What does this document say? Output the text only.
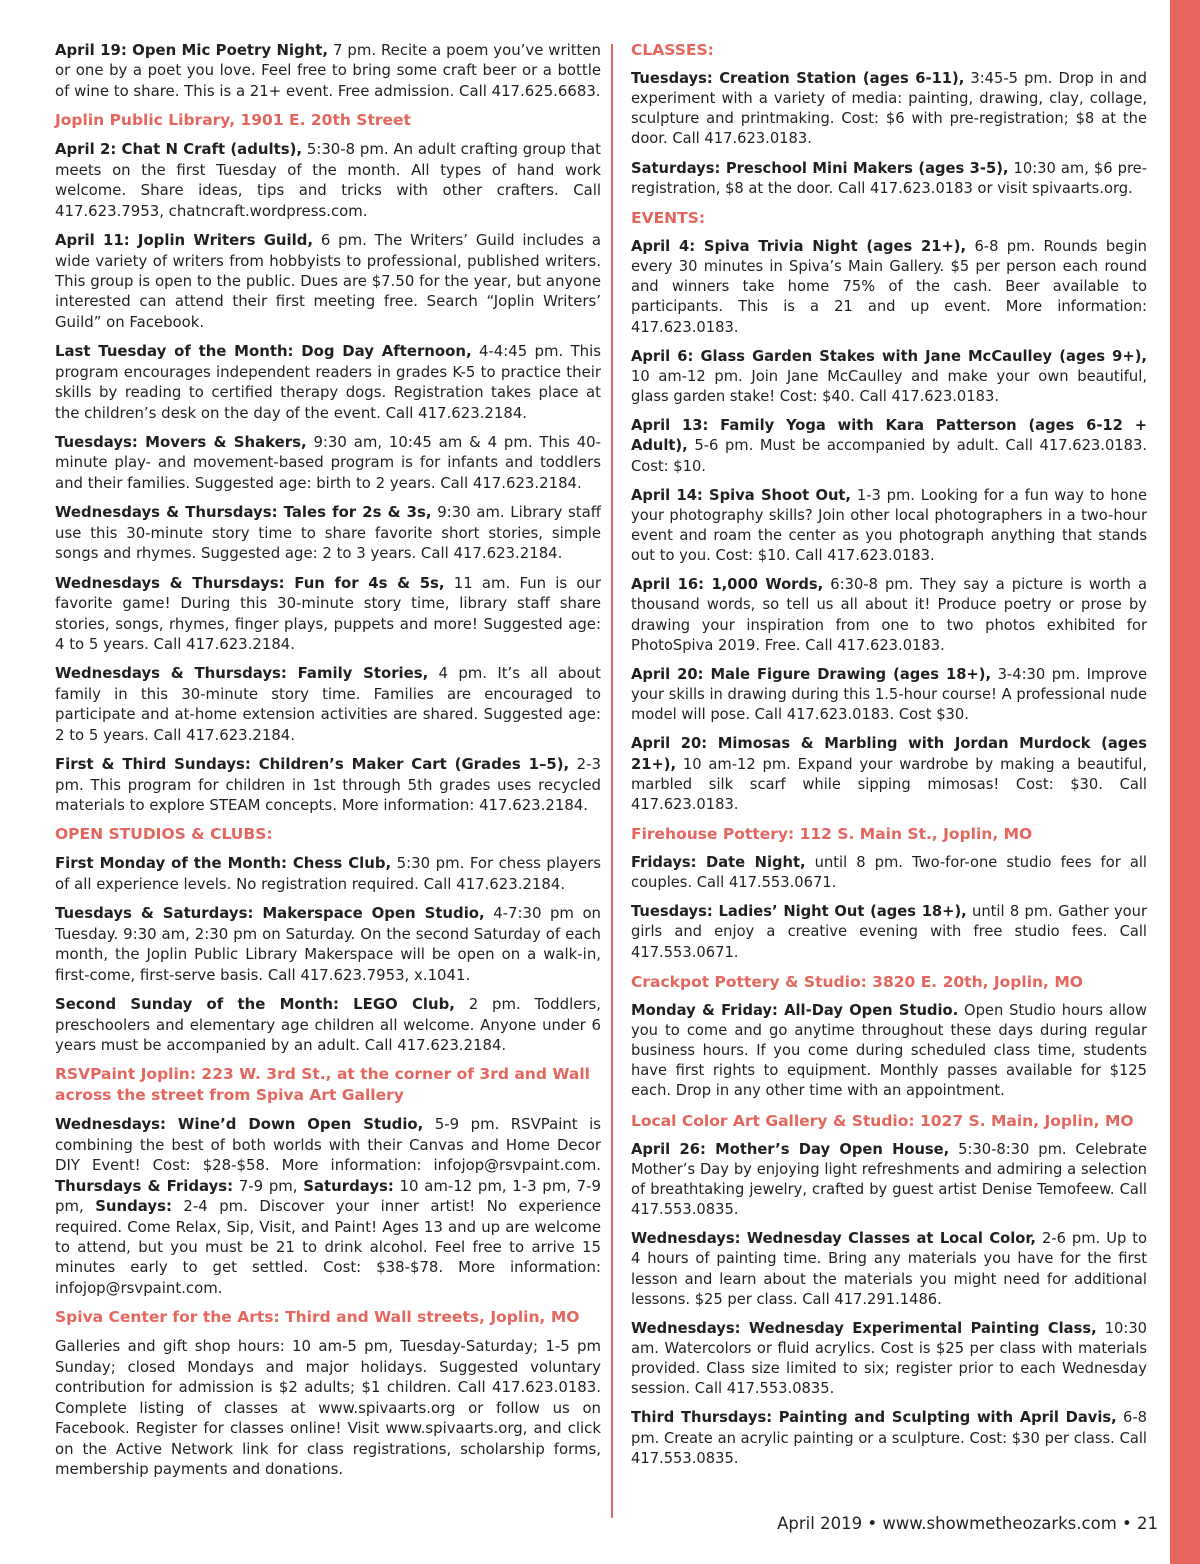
April 19: Open Mic Poetry Night, 7 pm. Recite a poem you’ve written or one by a poet you love. Feel free to bring some craft beer or a bottle of wine to share. This is a 21+ event. Free admission. Call 417.625.6683.
Joplin Public Library, 1901 E. 20th Street
April 2: Chat N Craft (adults), 5:30-8 pm. An adult crafting group that meets on the first Tuesday of the month. All types of hand work welcome. Share ideas, tips and tricks with other crafters. Call 417.623.7953, chatncraft.wordpress.com.
April 11: Joplin Writers Guild, 6 pm. The Writers’ Guild includes a wide variety of writers from hobbyists to professional, published writers. This group is open to the public. Dues are $7.50 for the year, but anyone interested can attend their first meeting free. Search “Joplin Writers’ Guild” on Facebook.
Last Tuesday of the Month: Dog Day Afternoon, 4-4:45 pm. This program encourages independent readers in grades K-5 to practice their skills by reading to certified therapy dogs. Registration takes place at the children’s desk on the day of the event. Call 417.623.2184.
Tuesdays: Movers & Shakers, 9:30 am, 10:45 am & 4 pm. This 40-minute play- and movement-based program is for infants and toddlers and their families. Suggested age: birth to 2 years. Call 417.623.2184.
Wednesdays & Thursdays: Tales for 2s & 3s, 9:30 am. Library staff use this 30-minute story time to share favorite short stories, simple songs and rhymes. Suggested age: 2 to 3 years. Call 417.623.2184.
Wednesdays & Thursdays: Fun for 4s & 5s, 11 am. Fun is our favorite game! During this 30-minute story time, library staff share stories, songs, rhymes, finger plays, puppets and more! Suggested age: 4 to 5 years. Call 417.623.2184.
Wednesdays & Thursdays: Family Stories, 4 pm. It’s all about family in this 30-minute story time. Families are encouraged to participate and at-home extension activities are shared. Suggested age: 2 to 5 years. Call 417.623.2184.
First & Third Sundays: Children’s Maker Cart (Grades 1–5), 2-3 pm. This program for children in 1st through 5th grades uses recycled materials to explore STEAM concepts. More information: 417.623.2184.
OPEN STUDIOS & CLUBS:
First Monday of the Month: Chess Club, 5:30 pm. For chess players of all experience levels. No registration required. Call 417.623.2184.
Tuesdays & Saturdays: Makerspace Open Studio, 4-7:30 pm on Tuesday. 9:30 am, 2:30 pm on Saturday. On the second Saturday of each month, the Joplin Public Library Makerspace will be open on a walk-in, first-come, first-serve basis. Call 417.623.7953, x.1041.
Second Sunday of the Month: LEGO Club, 2 pm. Toddlers, preschoolers and elementary age children all welcome. Anyone under 6 years must be accompanied by an adult. Call 417.623.2184.
RSVPaint Joplin: 223 W. 3rd St., at the corner of 3rd and Wall across the street from Spiva Art Gallery
Wednesdays: Wine’d Down Open Studio, 5-9 pm. RSVPaint is combining the best of both worlds with their Canvas and Home Decor DIY Event! Cost: $28-$58. More information: infojop@rsvpaint.com. Thursdays & Fridays: 7-9 pm, Saturdays: 10 am-12 pm, 1-3 pm, 7-9 pm, Sundays: 2-4 pm. Discover your inner artist! No experience required. Come Relax, Sip, Visit, and Paint! Ages 13 and up are welcome to attend, but you must be 21 to drink alcohol. Feel free to arrive 15 minutes early to get settled. Cost: $38-$78. More information: infojop@rsvpaint.com.
Spiva Center for the Arts: Third and Wall streets, Joplin, MO
Galleries and gift shop hours: 10 am-5 pm, Tuesday-Saturday; 1-5 pm Sunday; closed Mondays and major holidays. Suggested voluntary contribution for admission is $2 adults; $1 children. Call 417.623.0183. Complete listing of classes at www.spivaarts.org or follow us on Facebook. Register for classes online! Visit www.spivaarts.org, and click on the Active Network link for class registrations, scholarship forms, membership payments and donations.
CLASSES:
Tuesdays: Creation Station (ages 6-11), 3:45-5 pm. Drop in and experiment with a variety of media: painting, drawing, clay, collage, sculpture and printmaking. Cost: $6 with pre-registration; $8 at the door. Call 417.623.0183.
Saturdays: Preschool Mini Makers (ages 3-5), 10:30 am, $6 pre-registration, $8 at the door. Call 417.623.0183 or visit spivaarts.org.
EVENTS:
April 4: Spiva Trivia Night (ages 21+), 6-8 pm. Rounds begin every 30 minutes in Spiva’s Main Gallery. $5 per person each round and winners take home 75% of the cash. Beer available to participants. This is a 21 and up event. More information: 417.623.0183.
April 6: Glass Garden Stakes with Jane McCaulley (ages 9+), 10 am-12 pm. Join Jane McCaulley and make your own beautiful, glass garden stake! Cost: $40. Call 417.623.0183.
April 13: Family Yoga with Kara Patterson (ages 6-12 + Adult), 5-6 pm. Must be accompanied by adult. Call 417.623.0183. Cost: $10.
April 14: Spiva Shoot Out, 1-3 pm. Looking for a fun way to hone your photography skills? Join other local photographers in a two-hour event and roam the center as you photograph anything that stands out to you. Cost: $10. Call 417.623.0183.
April 16: 1,000 Words, 6:30-8 pm. They say a picture is worth a thousand words, so tell us all about it! Produce poetry or prose by drawing your inspiration from one to two photos exhibited for PhotoSpiva 2019. Free. Call 417.623.0183.
April 20: Male Figure Drawing (ages 18+), 3-4:30 pm. Improve your skills in drawing during this 1.5-hour course! A professional nude model will pose. Call 417.623.0183. Cost $30.
April 20: Mimosas & Marbling with Jordan Murdock (ages 21+), 10 am-12 pm. Expand your wardrobe by making a beautiful, marbled silk scarf while sipping mimosas! Cost: $30. Call 417.623.0183.
Firehouse Pottery: 112 S. Main St., Joplin, MO
Fridays: Date Night, until 8 pm. Two-for-one studio fees for all couples. Call 417.553.0671.
Tuesdays: Ladies’ Night Out (ages 18+), until 8 pm. Gather your girls and enjoy a creative evening with free studio fees. Call 417.553.0671.
Crackpot Pottery & Studio: 3820 E. 20th, Joplin, MO
Monday & Friday: All-Day Open Studio. Open Studio hours allow you to come and go anytime throughout these days during regular business hours. If you come during scheduled class time, students have first rights to equipment. Monthly passes available for $125 each. Drop in any other time with an appointment.
Local Color Art Gallery & Studio: 1027 S. Main, Joplin, MO
April 26: Mother’s Day Open House, 5:30-8:30 pm. Celebrate Mother’s Day by enjoying light refreshments and admiring a selection of breathtaking jewelry, crafted by guest artist Denise Temofeew. Call 417.553.0835.
Wednesdays: Wednesday Classes at Local Color, 2-6 pm. Up to 4 hours of painting time. Bring any materials you have for the first lesson and learn about the materials you might need for additional lessons. $25 per class. Call 417.291.1486.
Wednesdays: Wednesday Experimental Painting Class, 10:30 am. Watercolors or fluid acrylics. Cost is $25 per class with materials provided. Class size limited to six; register prior to each Wednesday session. Call 417.553.0835.
Third Thursdays: Painting and Sculpting with April Davis, 6-8 pm. Create an acrylic painting or a sculpture. Cost: $30 per class. Call 417.553.0835.
April 2019 • www.showmetheozarks.com • 21
